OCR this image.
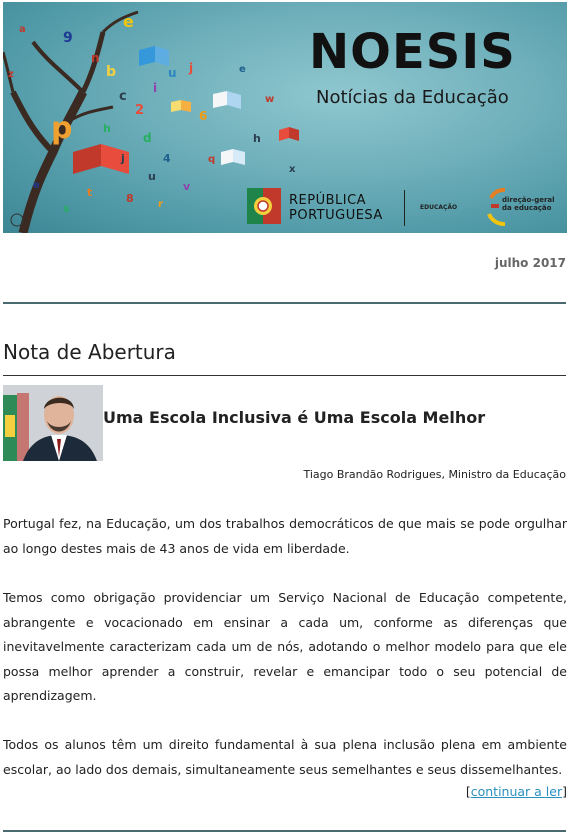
p
e
9
n
b
c
2
i
u j
6
d
j	4
v
8
t
s
h
w
e
x
e
a
z
r
q
u
h
NOESIS
Notícias da Educação
REPÚBLICA
PORTUGUESA
EDUCAÇÃO
direção-geral
da educação
julho 2017
Nota de Abertura
Uma Escola Inclusiva é Uma Escola Melhor
Tiago Brandão Rodrigues, Ministro da Educação

Portugal fez, na Educação, um dos trabalhos democráticos de que mais se pode orgulhar ao longo destes mais de 43 anos de vida em liberdade.

Temos como obrigação providenciar um Serviço Nacional de Educação competente, abrangente e vocacionado em ensinar a cada um, conforme as diferenças que inevitavelmente caracterizam cada um de nós, adotando o melhor modelo para que ele possa melhor aprender a construir, revelar e emancipar todo o seu potencial de aprendizagem.

Todos os alunos têm um direito fundamental à sua plena inclusão plena em ambiente escolar, ao lado dos demais, simultaneamente seus semelhantes e seus dissemelhantes.

[continuar a ler]
